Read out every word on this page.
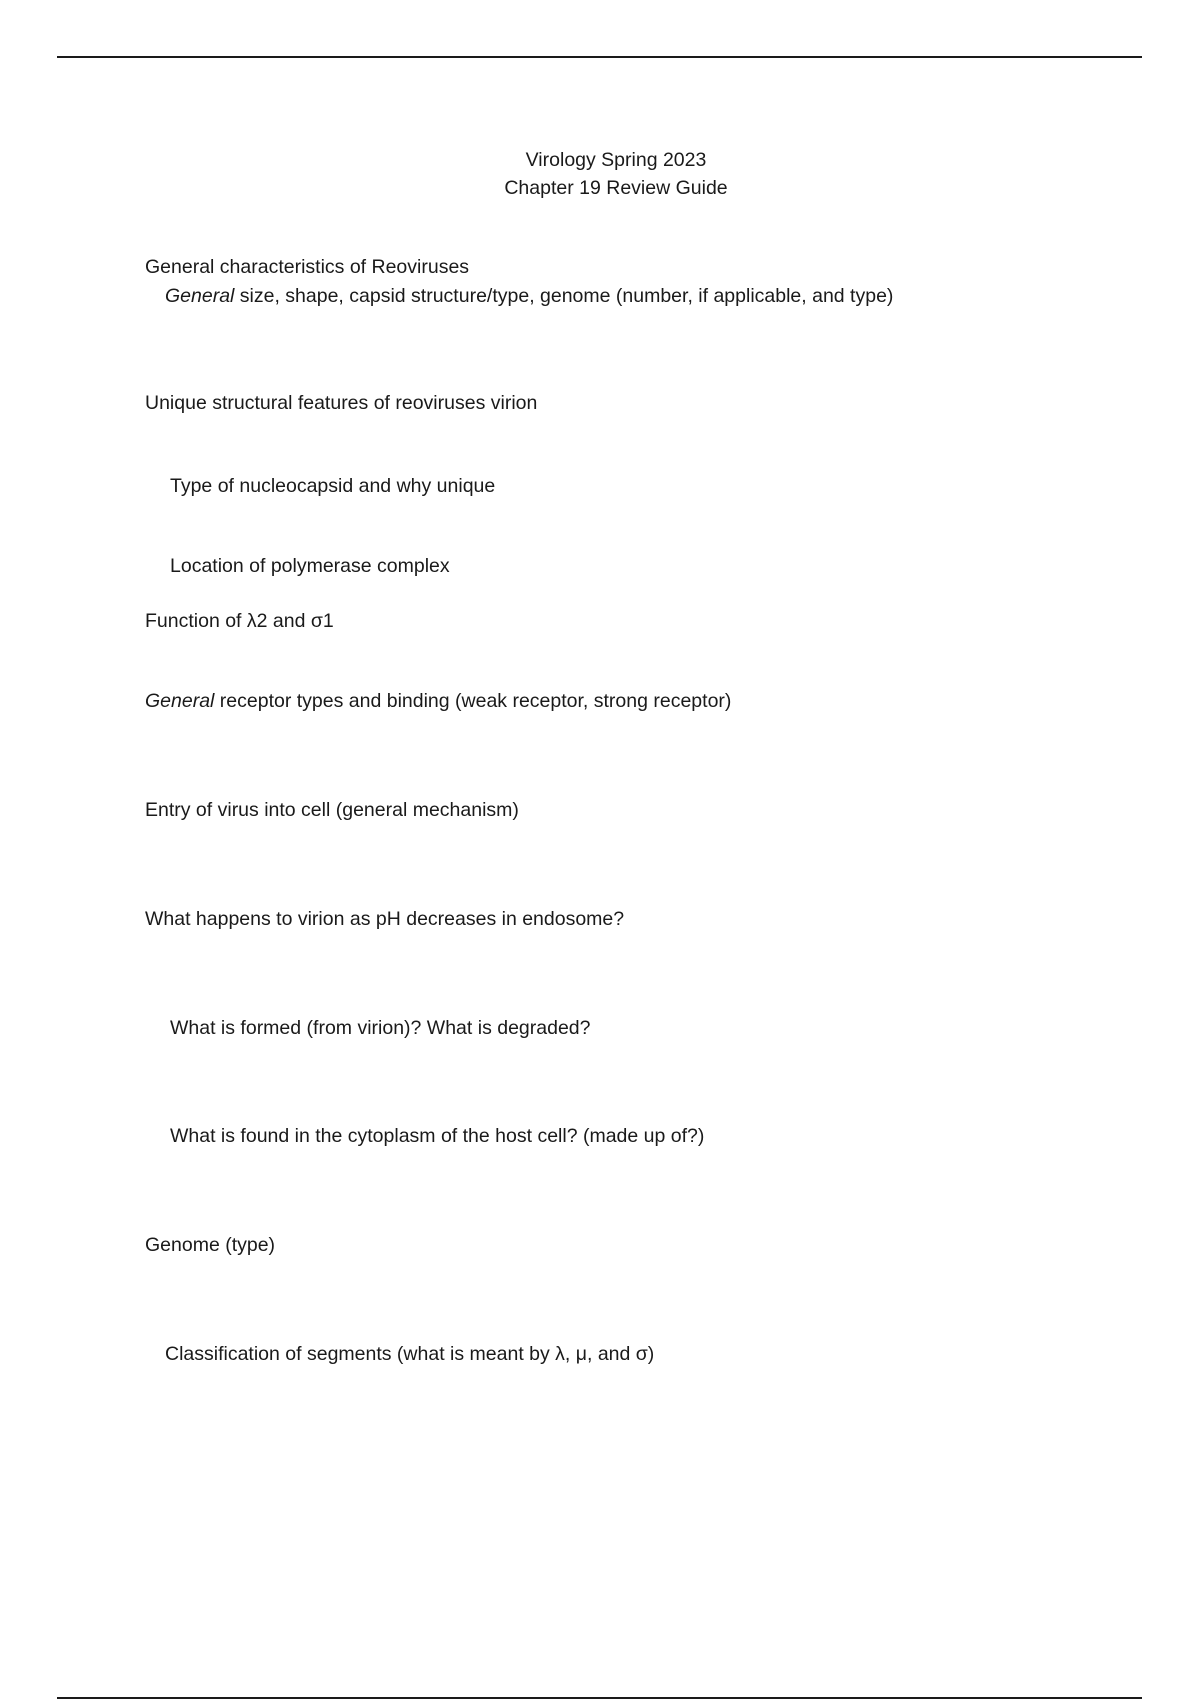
Virology Spring 2023
Chapter 19 Review Guide
General characteristics of Reoviruses
General size, shape, capsid structure/type, genome (number, if applicable, and type)
Unique structural features of reoviruses virion
Type of nucleocapsid and why unique
Location of polymerase complex
Function of λ2 and σ1
General receptor types and binding (weak receptor, strong receptor)
Entry of virus into cell (general mechanism)
What happens to virion as pH decreases in endosome?
What is formed (from virion)? What is degraded?
What is found in the cytoplasm of the host cell? (made up of?)
Genome (type)
Classification of segments (what is meant by λ, μ, and σ)
